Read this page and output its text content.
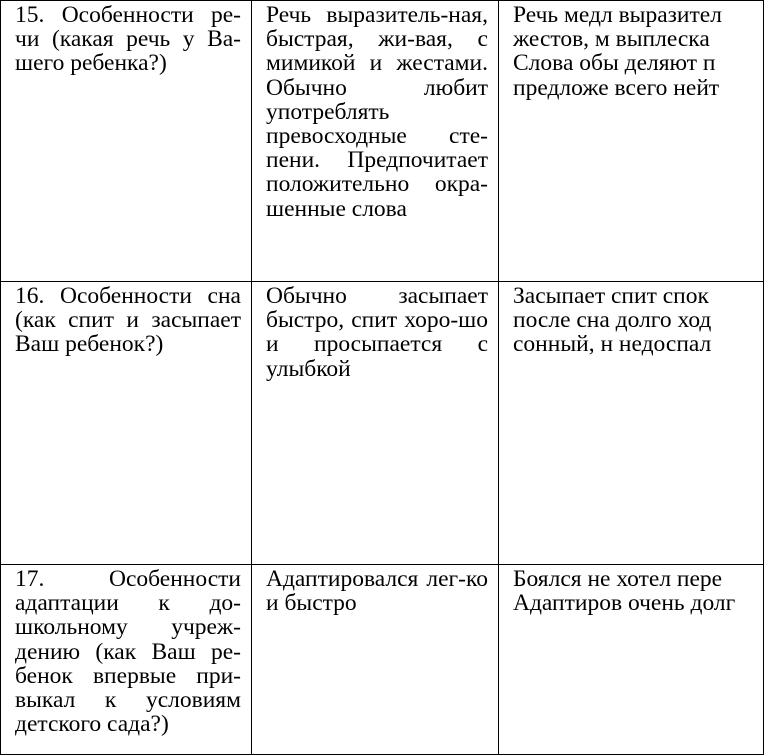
15. Особенности ре-чи (какая речь у Ва-шего ребенка?)	Речь выразитель-ная, быстрая, жи-вая, с мимикой и жестами. Обычно любит употреблять превосходные сте-пени. Предпочитает положительно окра-шенные слова	Речь медл выразител жестов, м выплеска Слова обы деляют п предложе всего нейт

16. Особенности сна (как спит и засыпает Ваш ребенок?)	Обычно засыпает быстро, спит хоро-шо и просыпается с улыбкой	Засыпает спит спок после сна долго ход сонный, н недоспал

17. Особенности адаптации к до-школьному учреж-дению (как Ваш ре-бенок впервые при-выкал к условиям детского сада?)	Адаптировался лег-ко и быстро	Боялся не хотел пере Адаптиров очень долг
